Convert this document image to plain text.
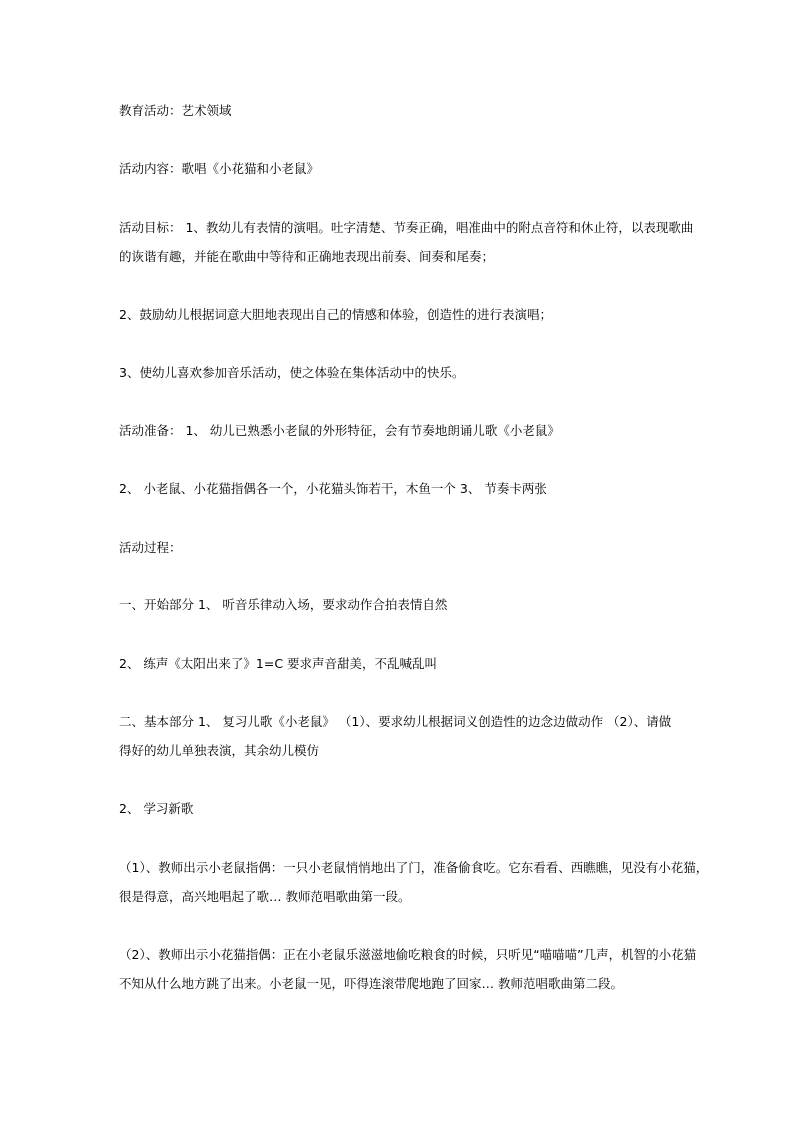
教育活动：艺术领域

活动内容：歌唱《小花猫和小老鼠》

活动目标： 1、教幼儿有表情的演唱。吐字清楚、节奏正确，唱准曲中的附点音符和休止符，以表现歌曲
的诙谐有趣，并能在歌曲中等待和正确地表现出前奏、间奏和尾奏；

2、鼓励幼儿根据词意大胆地表现出自己的情感和体验，创造性的进行表演唱；

3、使幼儿喜欢参加音乐活动，使之体验在集体活动中的快乐。

活动准备： 1、 幼儿已熟悉小老鼠的外形特征，会有节奏地朗诵儿歌《小老鼠》

2、 小老鼠、小花猫指偶各一个，小花猫头饰若干，木鱼一个 3、 节奏卡两张

活动过程：

一、开始部分 1、 听音乐律动入场，要求动作合拍表情自然

2、 练声《太阳出来了》1=C 要求声音甜美，不乱喊乱叫

二、基本部分 1、 复习儿歌《小老鼠》 （1）、要求幼儿根据词义创造性的边念边做动作 （2）、请做
得好的幼儿单独表演，其余幼儿模仿

2、 学习新歌

（1）、教师出示小老鼠指偶：一只小老鼠悄悄地出了门，准备偷食吃。它东看看、西瞧瞧，见没有小花猫，
很是得意，高兴地唱起了歌… 教师范唱歌曲第一段。

（2）、教师出示小花猫指偶：正在小老鼠乐滋滋地偷吃粮食的时候，只听见“喵喵喵”几声，机智的小花猫
不知从什么地方跳了出来。小老鼠一见，吓得连滚带爬地跑了回家… 教师范唱歌曲第二段。
